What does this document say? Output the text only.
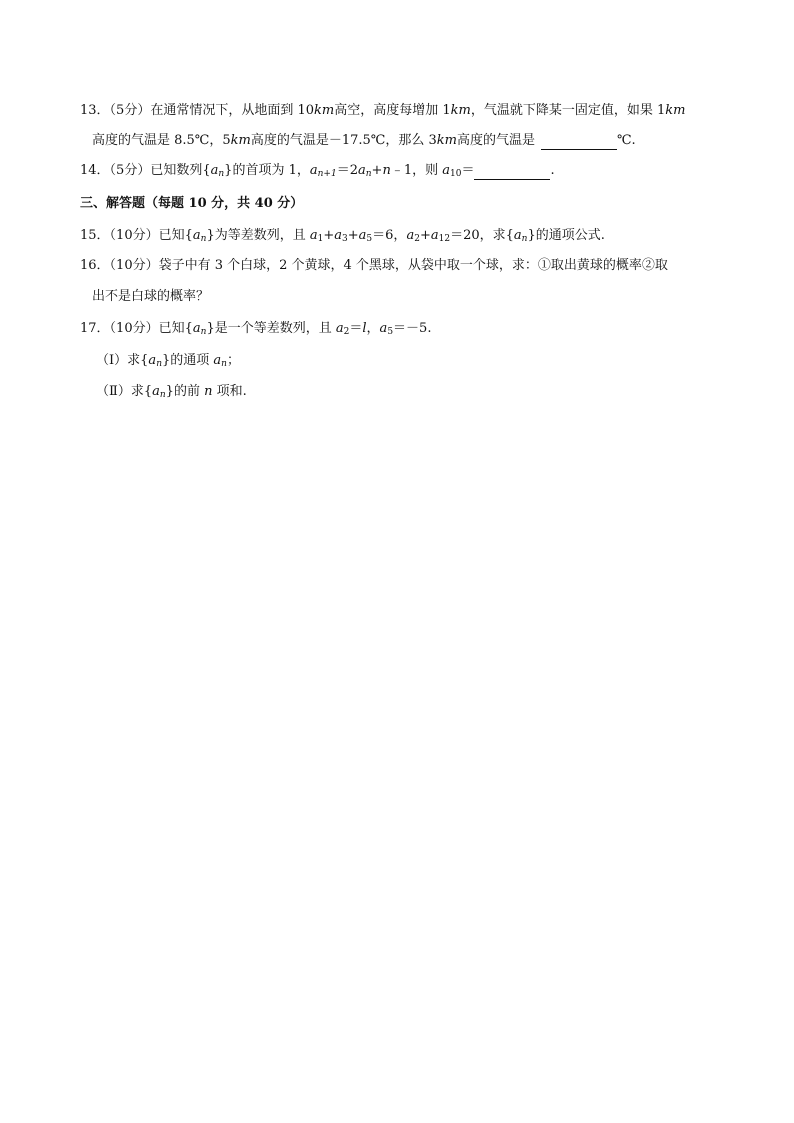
13．（5分）在通常情况下，从地面到 10km高空，高度每增加 1km，气温就下降某一固定值，如果 1km
高度的气温是 8.5℃，5km高度的气温是－17.5℃，那么 3km高度的气温是	℃.
14．（5分）已知数列$\{a_n\}$的首项为 1，$a_{n+1}=2a_n+n﹣1$，则 $a_{10}=$	.
三、解答题（每题 10 分，共 40 分）
15．（10分）已知$\{a_n\}$为等差数列，且 $a_1+a_3+a_5=6$，$a_2+a_{12}=20$，求$\{a_n\}$的通项公式.
16．（10分）袋子中有 3 个白球，2 个黄球，4 个黑球，从袋中取一个球，求：①取出黄球的概率②取
出不是白球的概率？
17．（10分）已知$\{a_n\}$是一个等差数列，且 $a_2=l$，$a_5=-5$.
（Ⅰ）求$\{a_n\}$的通项 $a_n$；
（Ⅱ）求$\{a_n\}$的前 n 项和.
